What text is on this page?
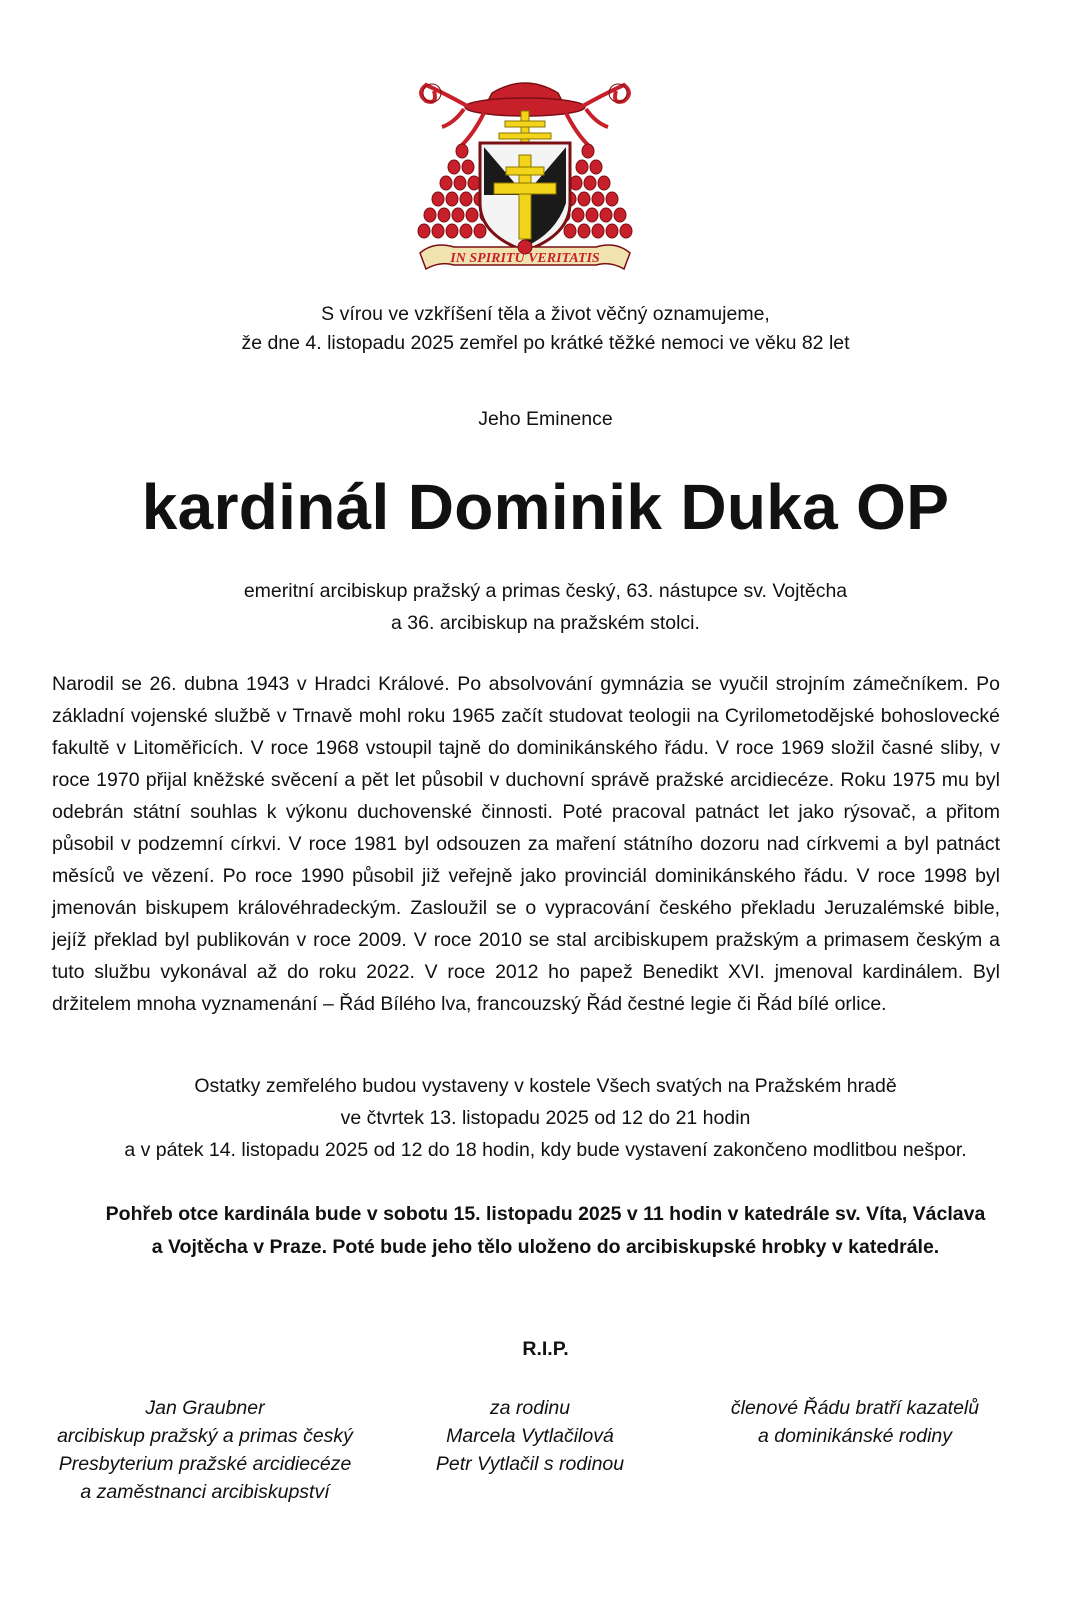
IN SPIRITU VERITATIS
S vírou ve vzkříšení těla a život věčný oznamujeme,
že dne 4. listopadu 2025 zemřel po krátké těžké nemoci ve věku 82 let
Jeho Eminence
kardinál Dominik Duka OP
emeritní arcibiskup pražský a primas český, 63. nástupce sv. Vojtěcha
a 36. arcibiskup na pražském stolci.
Narodil se 26. dubna 1943 v Hradci Králové. Po absolvování gymnázia se vyučil strojním zámečníkem. Po základní vojenské službě v Trnavě mohl roku 1965 začít studovat teologii na Cyrilometodějské bohoslovecké fakultě v Litoměřicích. V roce 1968 vstoupil tajně do dominikánského řádu. V roce 1969 složil časné sliby, v roce 1970 přijal kněžské svěcení a pět let působil v duchovní správě pražské arcidiecéze. Roku 1975 mu byl odebrán státní souhlas k výkonu duchovenské činnosti. Poté pracoval patnáct let jako rýsovač, a přitom působil v podzemní církvi. V roce 1981 byl odsouzen za maření státního dozoru nad církvemi a byl patnáct měsíců ve vězení. Po roce 1990 působil již veřejně jako provinciál dominikánského řádu. V roce 1998 byl jmenován biskupem královéhradeckým. Zasloužil se o vypracování českého překladu Jeruzalémské bible, jejíž překlad byl publikován v roce 2009. V roce 2010 se stal arcibiskupem pražským a primasem českým a tuto službu vykonával až do roku 2022. V roce 2012 ho papež Benedikt XVI. jmenoval kardinálem. Byl držitelem mnoha vyznamenání – Řád Bílého lva, francouzský Řád čestné legie či Řád bílé orlice.
Ostatky zemřelého budou vystaveny v kostele Všech svatých na Pražském hradě
ve čtvrtek 13. listopadu 2025 od 12 do 21 hodin
a v pátek 14. listopadu 2025 od 12 do 18 hodin, kdy bude vystavení zakončeno modlitbou nešpor.
Pohřeb otce kardinála bude v sobotu 15. listopadu 2025 v 11 hodin v katedrále sv. Víta, Václava
a Vojtěcha v Praze. Poté bude jeho tělo uloženo do arcibiskupské hrobky v katedrále.
R.I.P.
Jan Graubner
arcibiskup pražský a primas český
Presbyterium pražské arcidiecéze
a zaměstnanci arcibiskupství
za rodinu
Marcela Vytlačilová
Petr Vytlačil s rodinou
členové Řádu bratří kazatelů
a dominikánské rodiny
